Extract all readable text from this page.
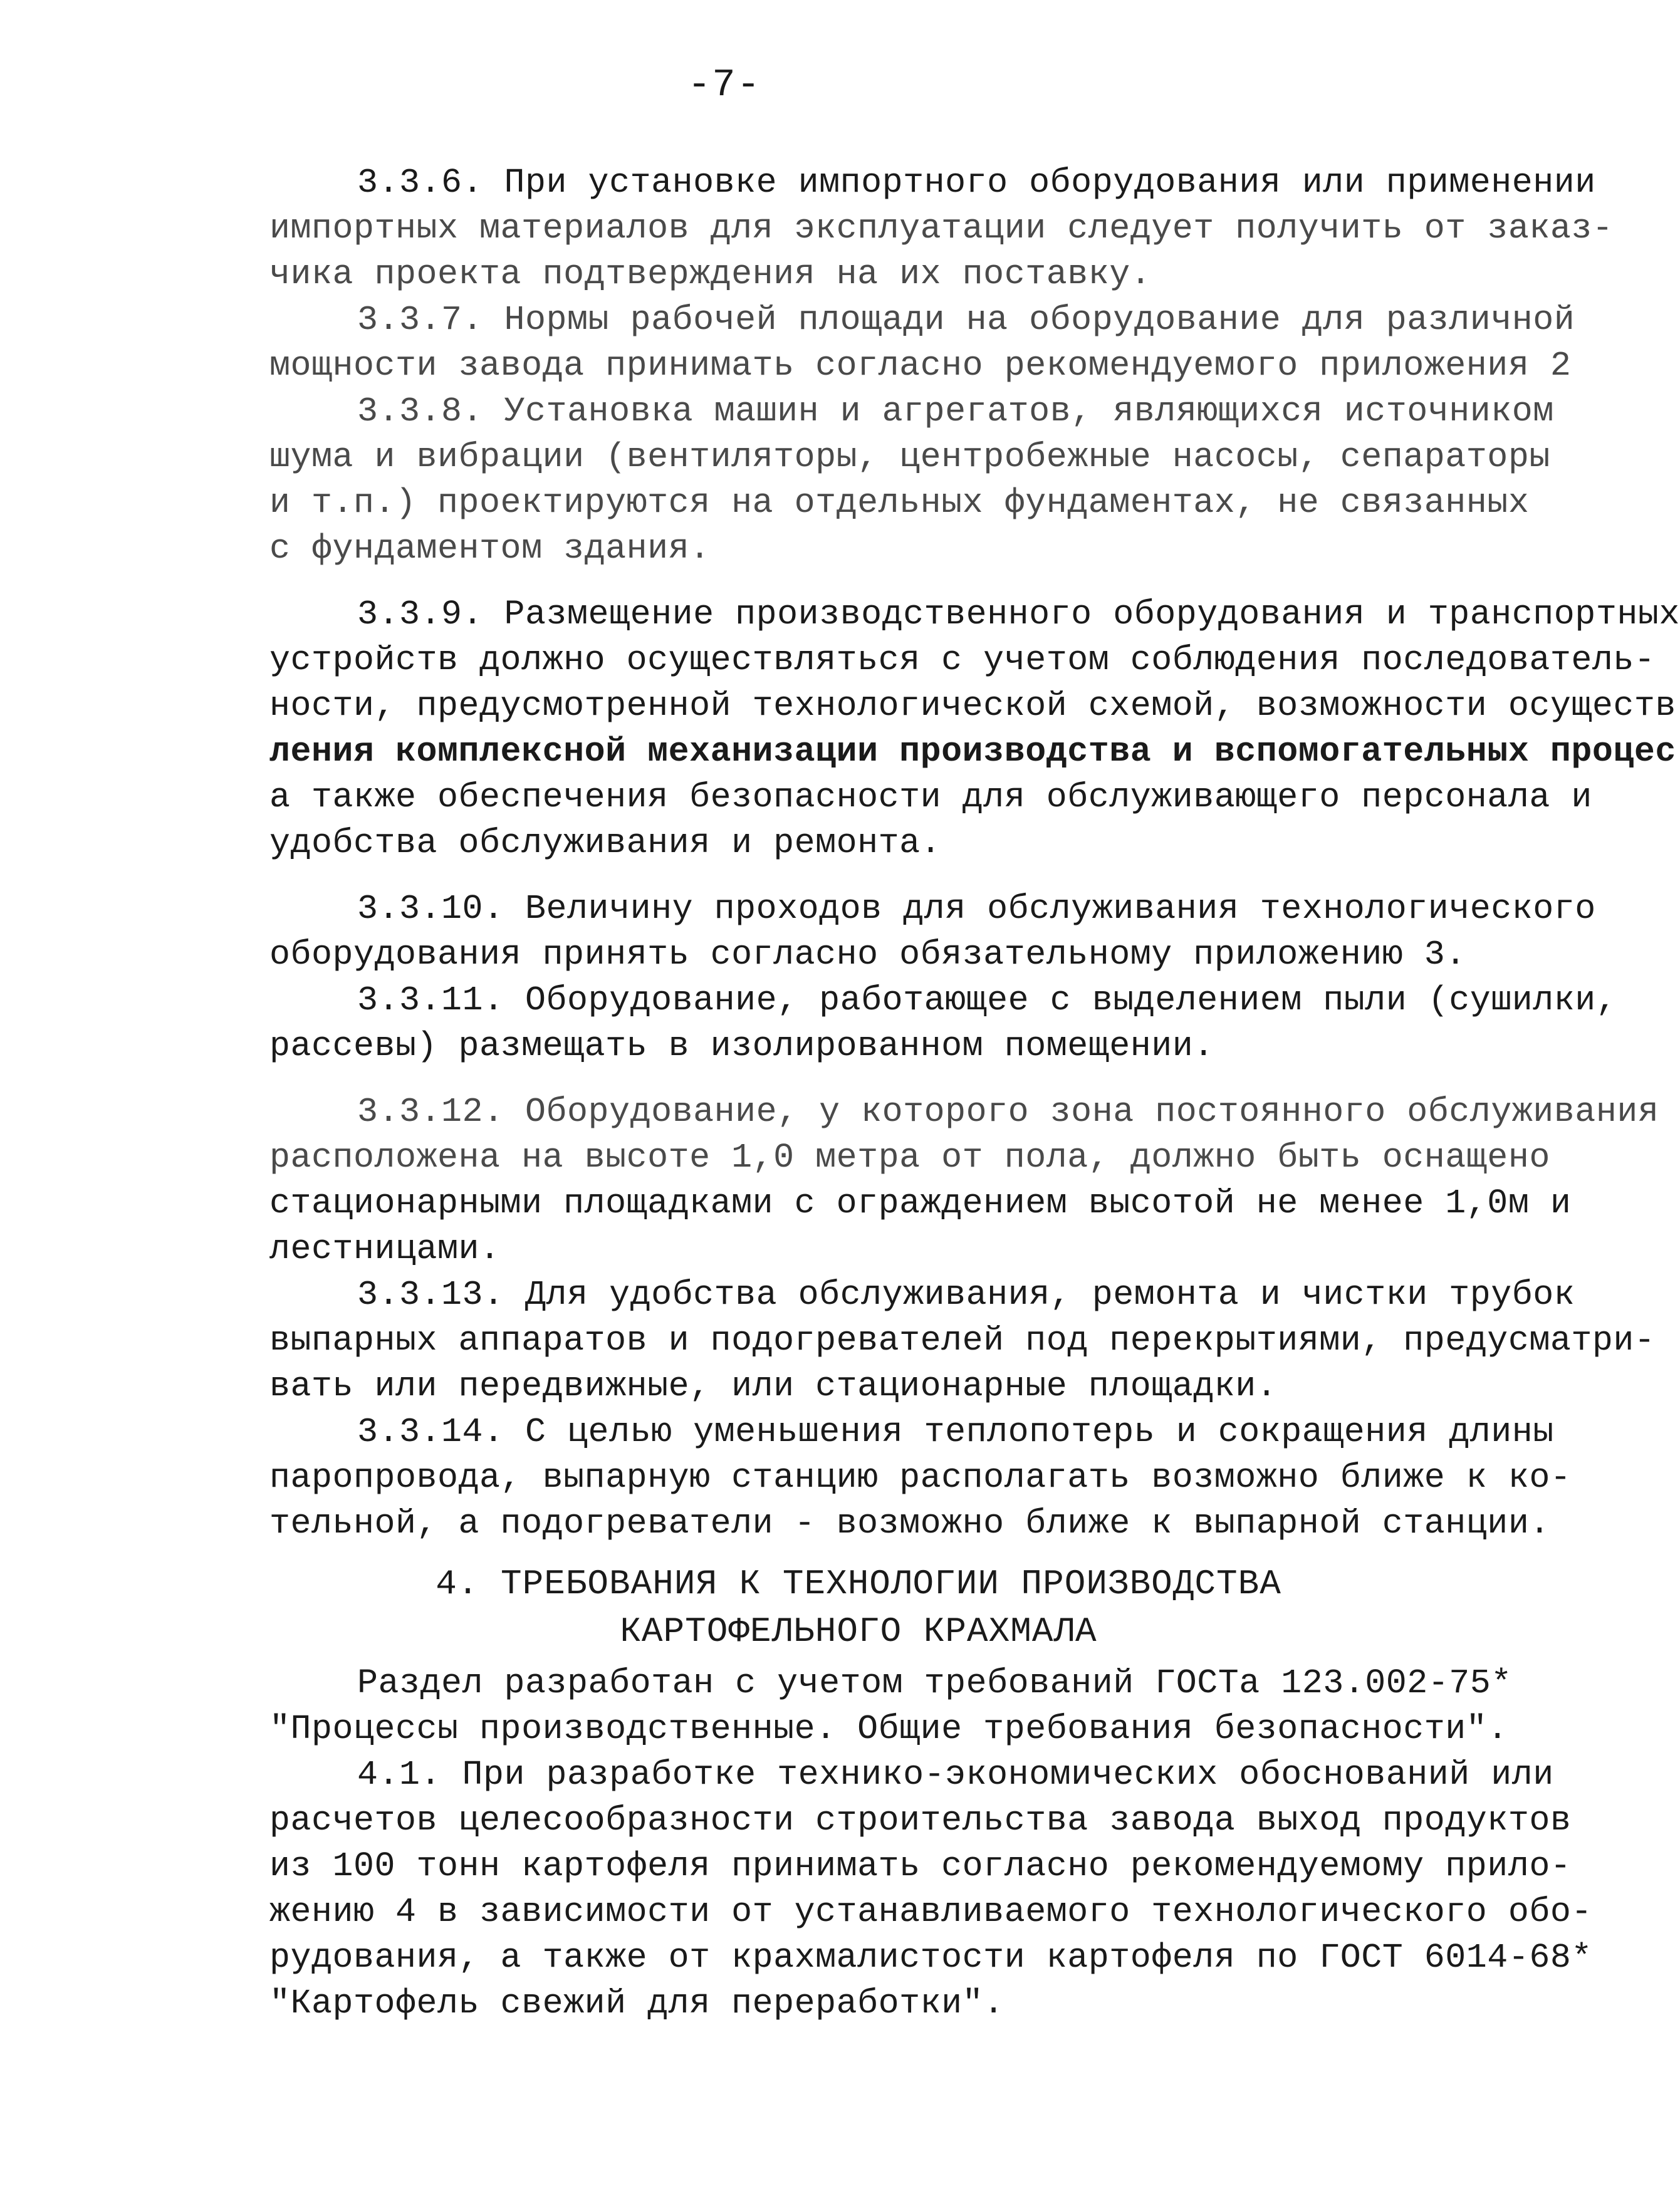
-7-
3.3.6. При установке импортного оборудования или применении
импортных материалов для эксплуатации следует получить от заказ-
чика проекта подтверждения на их поставку.
3.3.7. Нормы рабочей площади на оборудование для различной
мощности завода принимать согласно рекомендуемого приложения 2
3.3.8. Установка машин и агрегатов, являющихся источником
шума и вибрации (вентиляторы, центробежные насосы, сепараторы
и т.п.) проектируются на отдельных фундаментах, не связанных
с фундаментом здания.
3.3.9. Размещение производственного оборудования и транспортных
устройств должно осуществляться с учетом соблюдения последователь-
ности, предусмотренной технологической схемой, возможности осуществ
ления комплексной механизации производства и вспомогательных процес
а также обеспечения безопасности для обслуживающего персонала и
удобства обслуживания и ремонта.
3.3.10. Величину проходов для обслуживания технологического
оборудования принять согласно обязательному приложению 3.
3.3.11. Оборудование, работающее с выделением пыли (сушилки,
рассевы) размещать в изолированном помещении.
3.3.12. Оборудование, у которого зона постоянного обслуживания
расположена на высоте 1,0 метра от пола, должно быть оснащено
стационарными площадками с ограждением высотой не менее 1,0м и
лестницами.
3.3.13. Для удобства обслуживания, ремонта и чистки трубок
выпарных аппаратов и подогревателей под перекрытиями, предусматри-
вать или передвижные, или стационарные площадки.
3.3.14. С целью уменьшения теплопотерь и сокращения длины
паропровода, выпарную станцию располагать возможно ближе к ко-
тельной, а подогреватели - возможно ближе к выпарной станции.
4. ТРЕБОВАНИЯ К ТЕХНОЛОГИИ ПРОИЗВОДСТВА
КАРТОФЕЛЬНОГО КРАХМАЛА
Раздел разработан с учетом требований ГОСТа 123.002-75*
"Процессы производственные. Общие требования безопасности".
4.1. При разработке технико-экономических обоснований или
расчетов целесообразности строительства завода выход продуктов
из 100 тонн картофеля принимать согласно рекомендуемому прило-
жению 4 в зависимости от устанавливаемого технологического обо-
рудования, а также от крахмалистости картофеля по ГОСТ 6014-68*
"Картофель свежий для переработки".
